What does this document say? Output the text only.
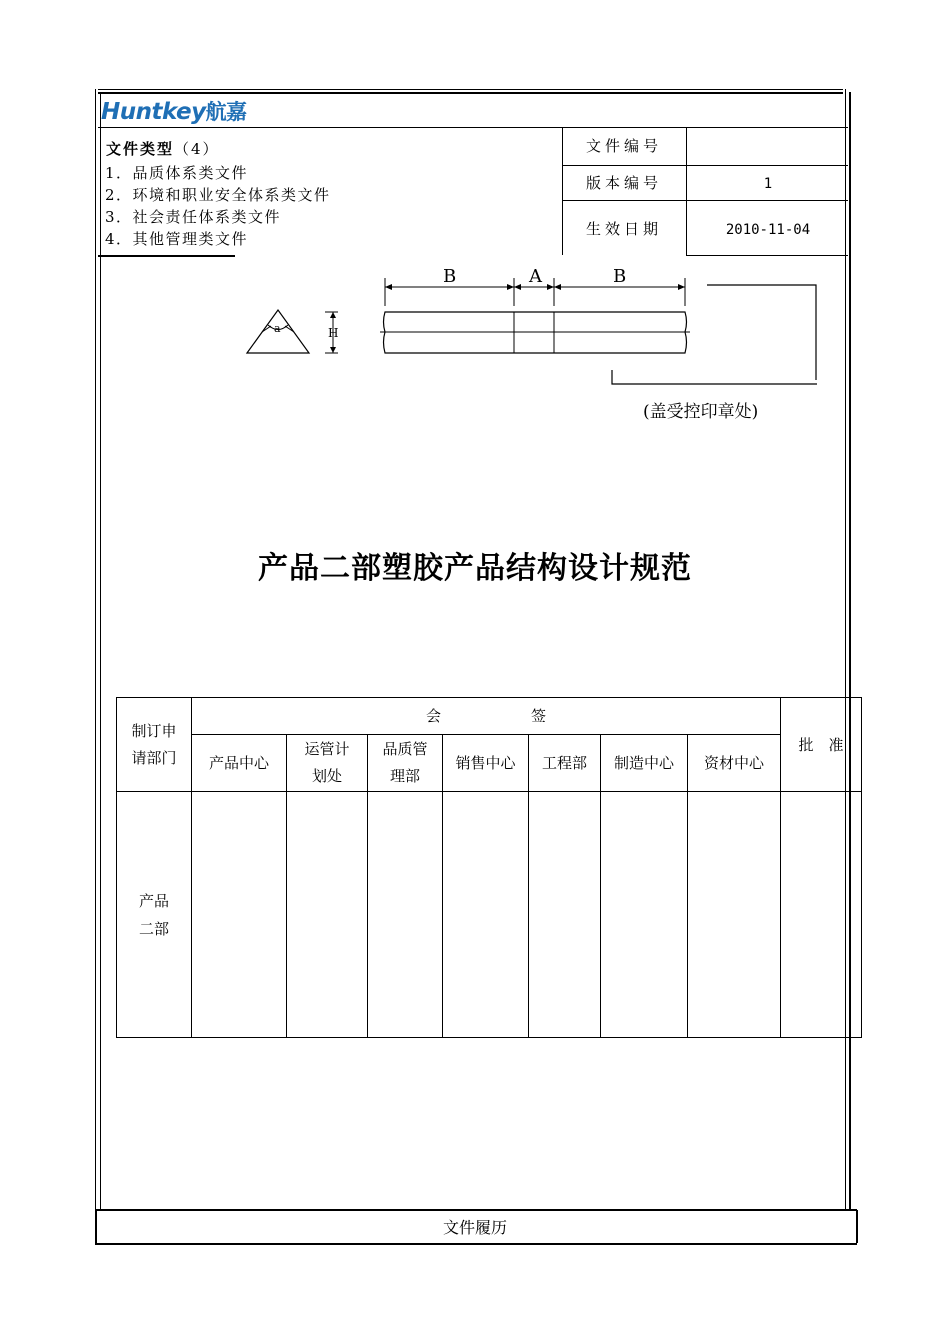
Huntkey航嘉
文件类型（4）
1．品质体系类文件
2．环境和职业安全体系类文件
3．社会责任体系类文件
4．其他管理类文件
文件编号
版本编号	1
生效日期	2010-11-04
a	H
B	A	B
(盖受控印章处)
产品二部塑胶产品结构设计规范
制订申请部门	会　　　　　　签							批　准
	产品中心	运管计划处	品质管理部	销售中心	工程部	制造中心	资材中心	

产品二部								

文件履历
